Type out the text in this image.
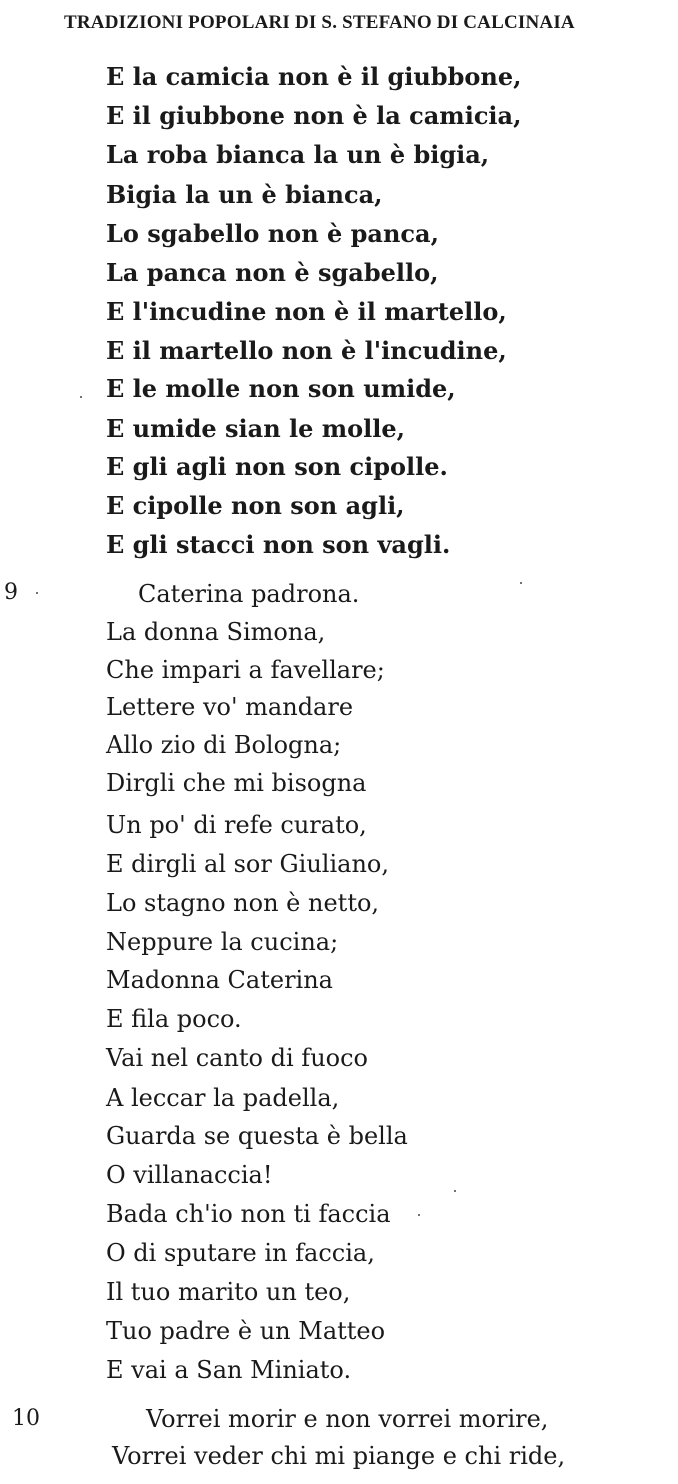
TRADIZIONI POPOLARI DI S. STEFANO DI CALCINAIA
E la camicia non è il giubbone,
E il giubbone non è la camicia,
La roba bianca la un è bigia,
Bigia la un è bianca,
Lo sgabello non è panca,
La panca non è sgabello,
E l'incudine non è il martello,
E il martello non è l'incudine,
E le molle non son umide,
E umide sian le molle,
E gli agli non son cipolle.
E cipolle non son agli,
E gli stacci non son vagli.
9	Caterina padrona.
La donna Simona,
Che impari a favellare;
Lettere vo' mandare
Allo zio di Bologna;
Dirgli che mi bisogna
Un po' di refe curato,
E dirgli al sor Giuliano,
Lo stagno non è netto,
Neppure la cucina;
Madonna Caterina
E fila poco.
Vai nel canto di fuoco
A leccar la padella,
Guarda se questa è bella
O villanaccia!
Bada ch'io non ti faccia
O di sputare in faccia,
Il tuo marito un teo,
Tuo padre è un Matteo
E vai a San Miniato.
10	Vorrei morir e non vorrei morire,
Vorrei veder chi mi piange e chi ride,
